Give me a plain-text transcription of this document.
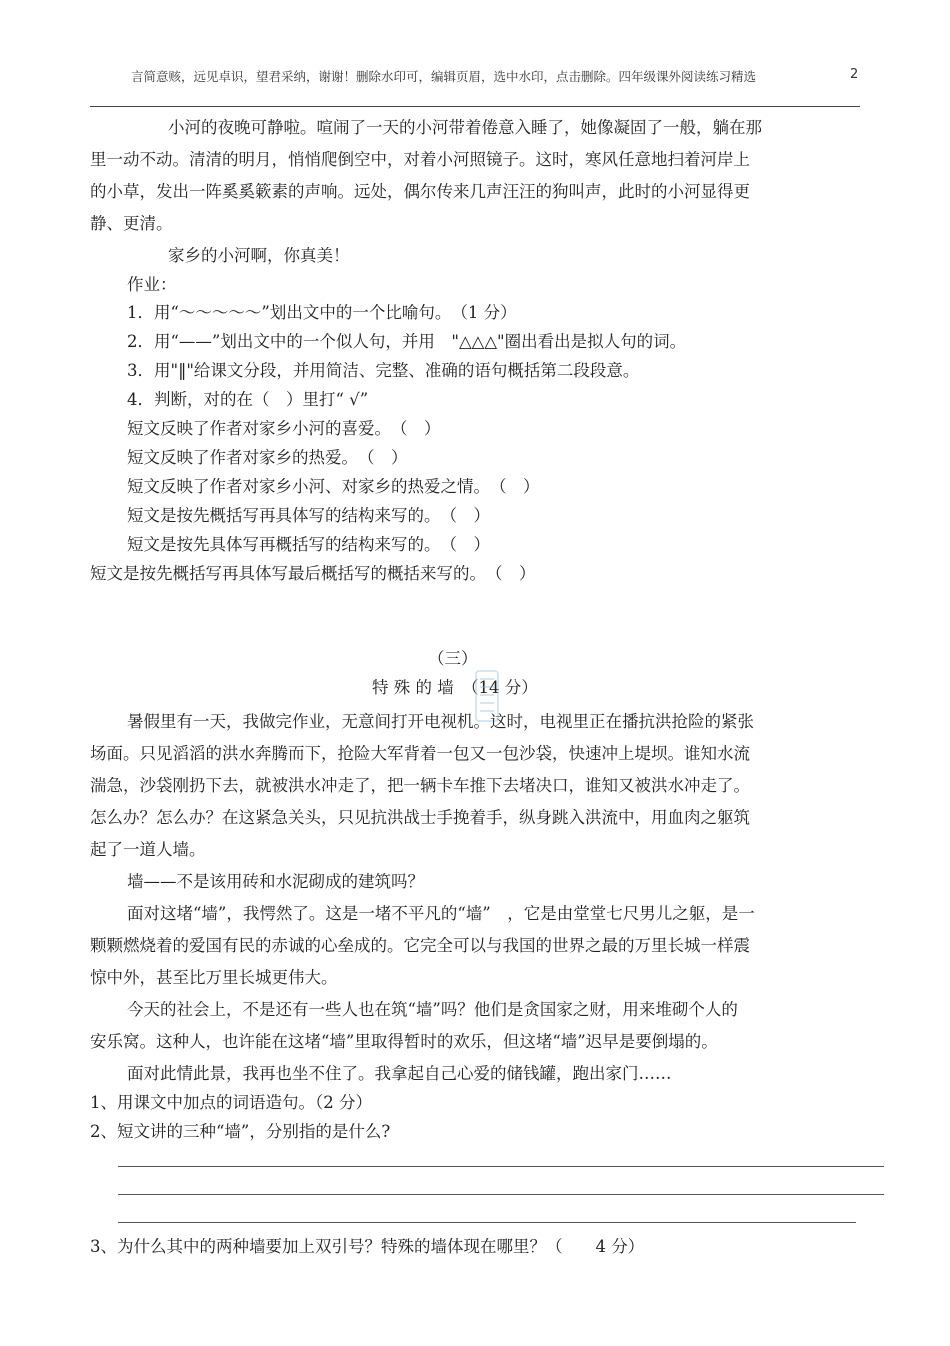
言简意赅，远见卓识，望君采纳，谢谢！删除水印可，编辑页眉，选中水印，点击删除。四年级课外阅读练习精选	2
小河的夜晚可静啦。喧闹了一天的小河带着倦意入睡了，她像凝固了一般，躺在那
里一动不动。清清的明月，悄悄爬倒空中，对着小河照镜子。这时，寒风任意地扫着河岸上
的小草，发出一阵奚奚簌素的声响。远处，偶尔传来几声汪汪的狗叫声，此时的小河显得更
静、更清。
家乡的小河啊，你真美！
作业：
1．用“～～～～～”划出文中的一个比喻句。　（1 分）
2．用“——”划出文中的一个似人句，并用　"△△△"圈出看出是拟人句的词。
3．用"‖"给课文分段，并用简洁、完整、准确的语句概括第二段段意。
4．判断，对的在（　）里打“ √”
短文反映了作者对家乡小河的喜爱。　（　）
短文反映了作者对家乡的热爱。　（　）
短文反映了作者对家乡小河、对家乡的热爱之情。　（　）
短文是按先概括写再具体写的结构来写的。　（　）
短文是按先具体写再概括写的结构来写的。　（　）
短文是按先概括写再具体写最后概括写的概括来写的。　（　）
（三）
特 殊 的 墙　（14 分）
暑假里有一天，我做完作业，无意间打开电视机。这时，电视里正在播抗洪抢险的紧张
场面。只见滔滔的洪水奔腾而下，抢险大军背着一包又一包沙袋，快速冲上堤坝。谁知水流
湍急，沙袋刚扔下去，就被洪水冲走了，把一辆卡车推下去堵决口，谁知又被洪水冲走了。
怎么办？怎么办？在这紧急关头，只见抗洪战士手挽着手，纵身跳入洪流中，用血肉之躯筑
起了一道人墙。
墙——不是该用砖和水泥砌成的建筑吗？
面对这堵“墙”，我愕然了。这是一堵不平凡的“墙”　，它是由堂堂七尺男儿之躯，是一
颗颗燃烧着的爱国有民的赤诚的心垒成的。它完全可以与我国的世界之最的万里长城一样震
惊中外，甚至比万里长城更伟大。
今天的社会上，不是还有一些人也在筑“墙”吗？他们是贪国家之财，用来堆砌个人的
安乐窝。这种人，也许能在这堵“墙”里取得暂时的欢乐，但这堵“墙”迟早是要倒塌的。
面对此情此景，我再也坐不住了。我拿起自己心爱的储钱罐，跑出家门……
1、用课文中加点的词语造句。（2 分）
2、短文讲的三种“墙”，分别指的是什么?
3、为什么其中的两种墙要加上双引号？特殊的墙体现在哪里？（　　4 分）
